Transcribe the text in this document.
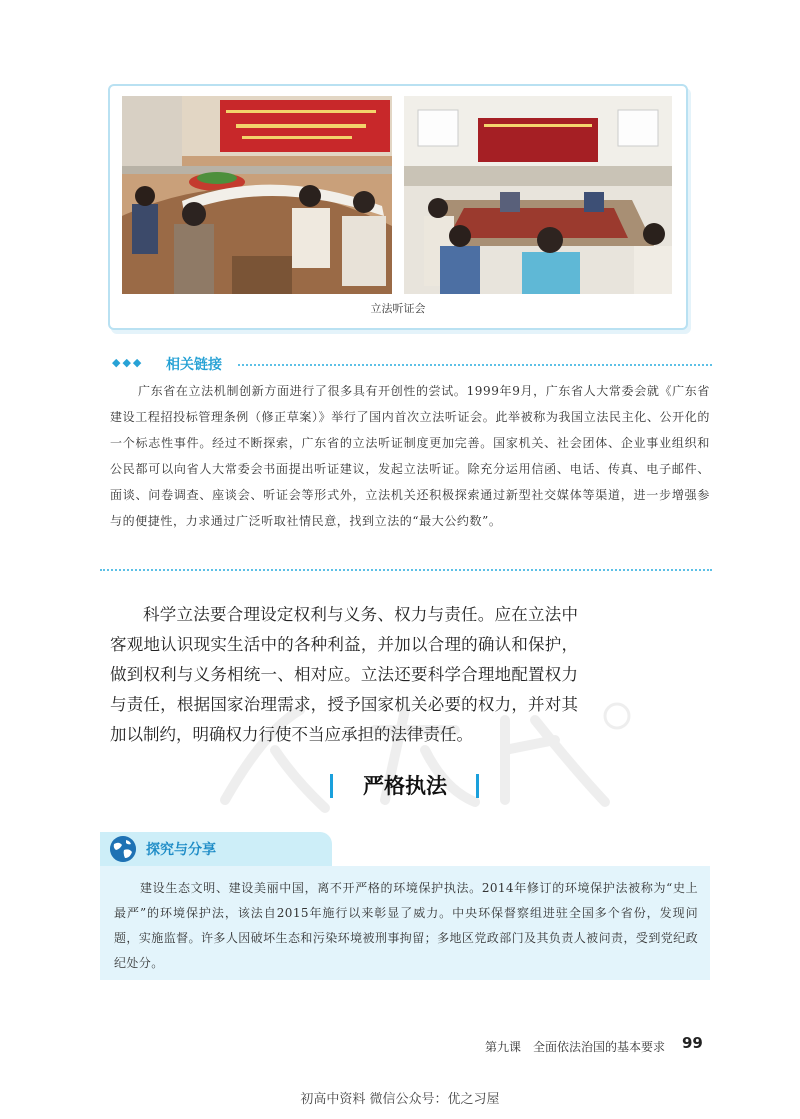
立法听证会
◆◆◆ 相关链接
广东省在立法机制创新方面进行了很多具有开创性的尝试。1999年9月，广东省人大常委会就《广东省建设工程招投标管理条例（修正草案）》举行了国内首次立法听证会。此举被称为我国立法民主化、公开化的一个标志性事件。经过不断探索，广东省的立法听证制度更加完善。国家机关、社会团体、企业事业组织和公民都可以向省人大常委会书面提出听证建议，发起立法听证。除充分运用信函、电话、传真、电子邮件、面谈、问卷调查、座谈会、听证会等形式外，立法机关还积极探索通过新型社交媒体等渠道，进一步增强参与的便捷性，力求通过广泛听取社情民意，找到立法的“最大公约数”。
科学立法要合理设定权利与义务、权力与责任。应在立法中客观地认识现实生活中的各种利益，并加以合理的确认和保护，做到权利与义务相统一、相对应。立法还要科学合理地配置权力与责任，根据国家治理需求，授予国家机关必要的权力，并对其加以制约，明确权力行使不当应承担的法律责任。
严格执法
探究与分享
建设生态文明、建设美丽中国，离不开严格的环境保护执法。2014年修订的环境保护法被称为“史上最严”的环境保护法，该法自2015年施行以来彰显了威力。中央环保督察组进驻全国多个省份，发现问题，实施监督。许多人因破坏生态和污染环境被刑事拘留；多地区党政部门及其负责人被问责，受到党纪政纪处分。
第九课　全面依法治国的基本要求 99
初高中资料 微信公众号：优之习屋
